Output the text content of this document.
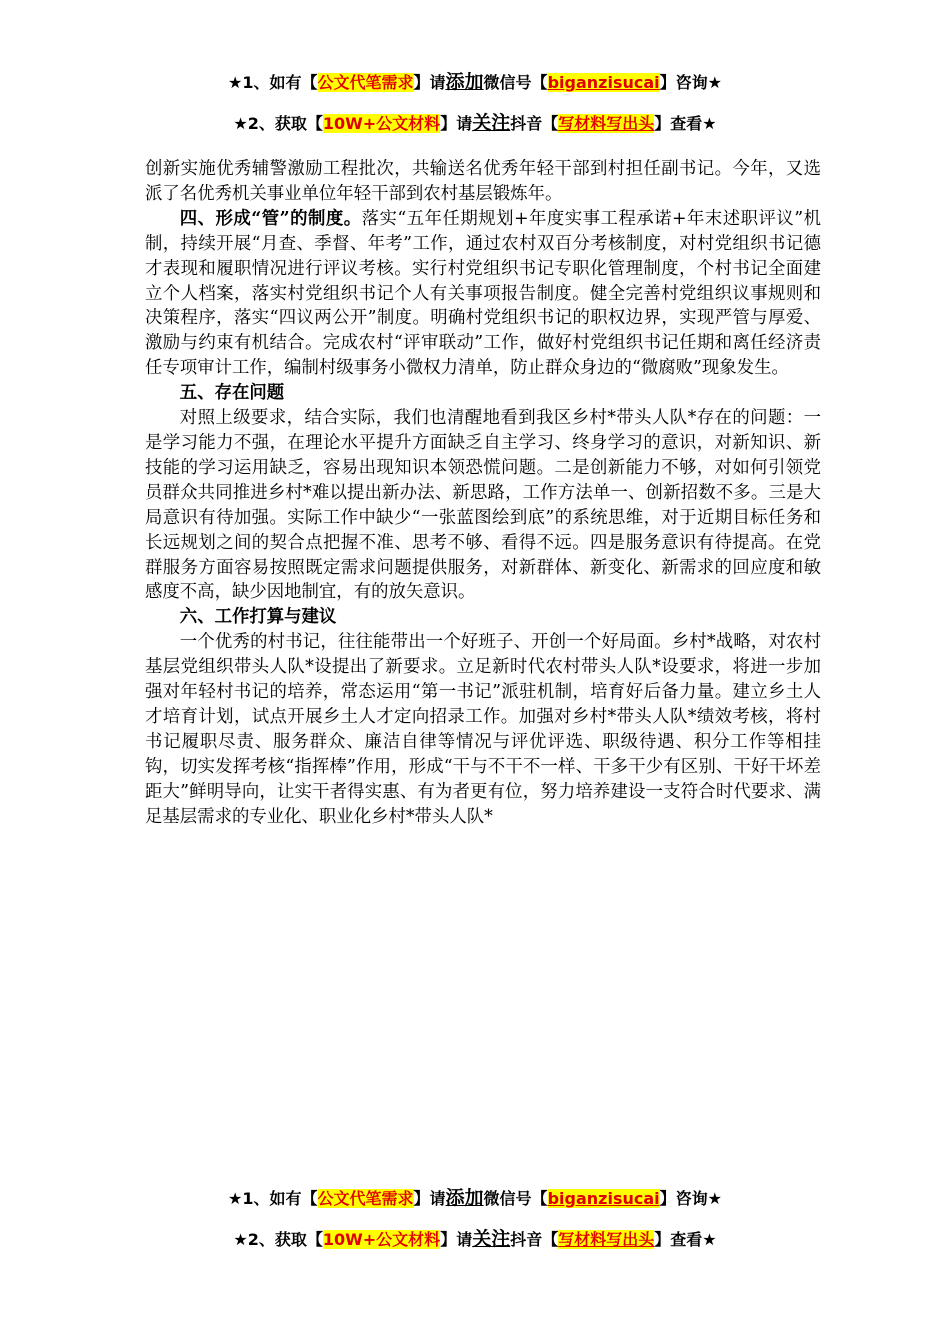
★1、如有【公文代笔需求】请添加微信号【biganzisucai】咨询★
★2、获取【10W+公文材料】请关注抖音【写材料写出头】查看★

创新实施优秀辅警激励工程批次，共输送名优秀年轻干部到村担任副书记。今年，又选派了名优秀机关事业单位年轻干部到农村基层锻炼年。

四、形成“管”的制度。落实“五年任期规划+年度实事工程承诺+年末述职评议”机制，持续开展“月查、季督、年考”工作，通过农村双百分考核制度，对村党组织书记德才表现和履职情况进行评议考核。实行村党组织书记专职化管理制度，个村书记全面建立个人档案，落实村党组织书记个人有关事项报告制度。健全完善村党组织议事规则和决策程序，落实“四议两公开”制度。明确村党组织书记的职权边界，实现严管与厚爱、激励与约束有机结合。完成农村“评审联动”工作，做好村党组织书记任期和离任经济责任专项审计工作，编制村级事务小微权力清单，防止群众身边的“微腐败”现象发生。

五、存在问题

对照上级要求，结合实际，我们也清醒地看到我区乡村*带头人队*存在的问题：一是学习能力不强，在理论水平提升方面缺乏自主学习、终身学习的意识，对新知识、新技能的学习运用缺乏，容易出现知识本领恐慌问题。二是创新能力不够，对如何引领党员群众共同推进乡村*难以提出新办法、新思路，工作方法单一、创新招数不多。三是大局意识有待加强。实际工作中缺少“一张蓝图绘到底”的系统思维，对于近期目标任务和长远规划之间的契合点把握不准、思考不够、看得不远。四是服务意识有待提高。在党群服务方面容易按照既定需求问题提供服务，对新群体、新变化、新需求的回应度和敏感度不高，缺少因地制宜，有的放矢意识。

六、工作打算与建议

一个优秀的村书记，往往能带出一个好班子、开创一个好局面。乡村*战略，对农村基层党组织带头人队*设提出了新要求。立足新时代农村带头人队*设要求，将进一步加强对年轻村书记的培养，常态运用“第一书记”派驻机制，培育好后备力量。建立乡土人才培育计划，试点开展乡土人才定向招录工作。加强对乡村*带头人队*绩效考核，将村书记履职尽责、服务群众、廉洁自律等情况与评优评选、职级待遇、积分工作等相挂钩，切实发挥考核“指挥棒”作用，形成“干与不干不一样、干多干少有区别、干好干坏差距大”鲜明导向，让实干者得实惠、有为者更有位，努力培养建设一支符合时代要求、满足基层需求的专业化、职业化乡村*带头人队*

★1、如有【公文代笔需求】请添加微信号【biganzisucai】咨询★
★2、获取【10W+公文材料】请关注抖音【写材料写出头】查看★
